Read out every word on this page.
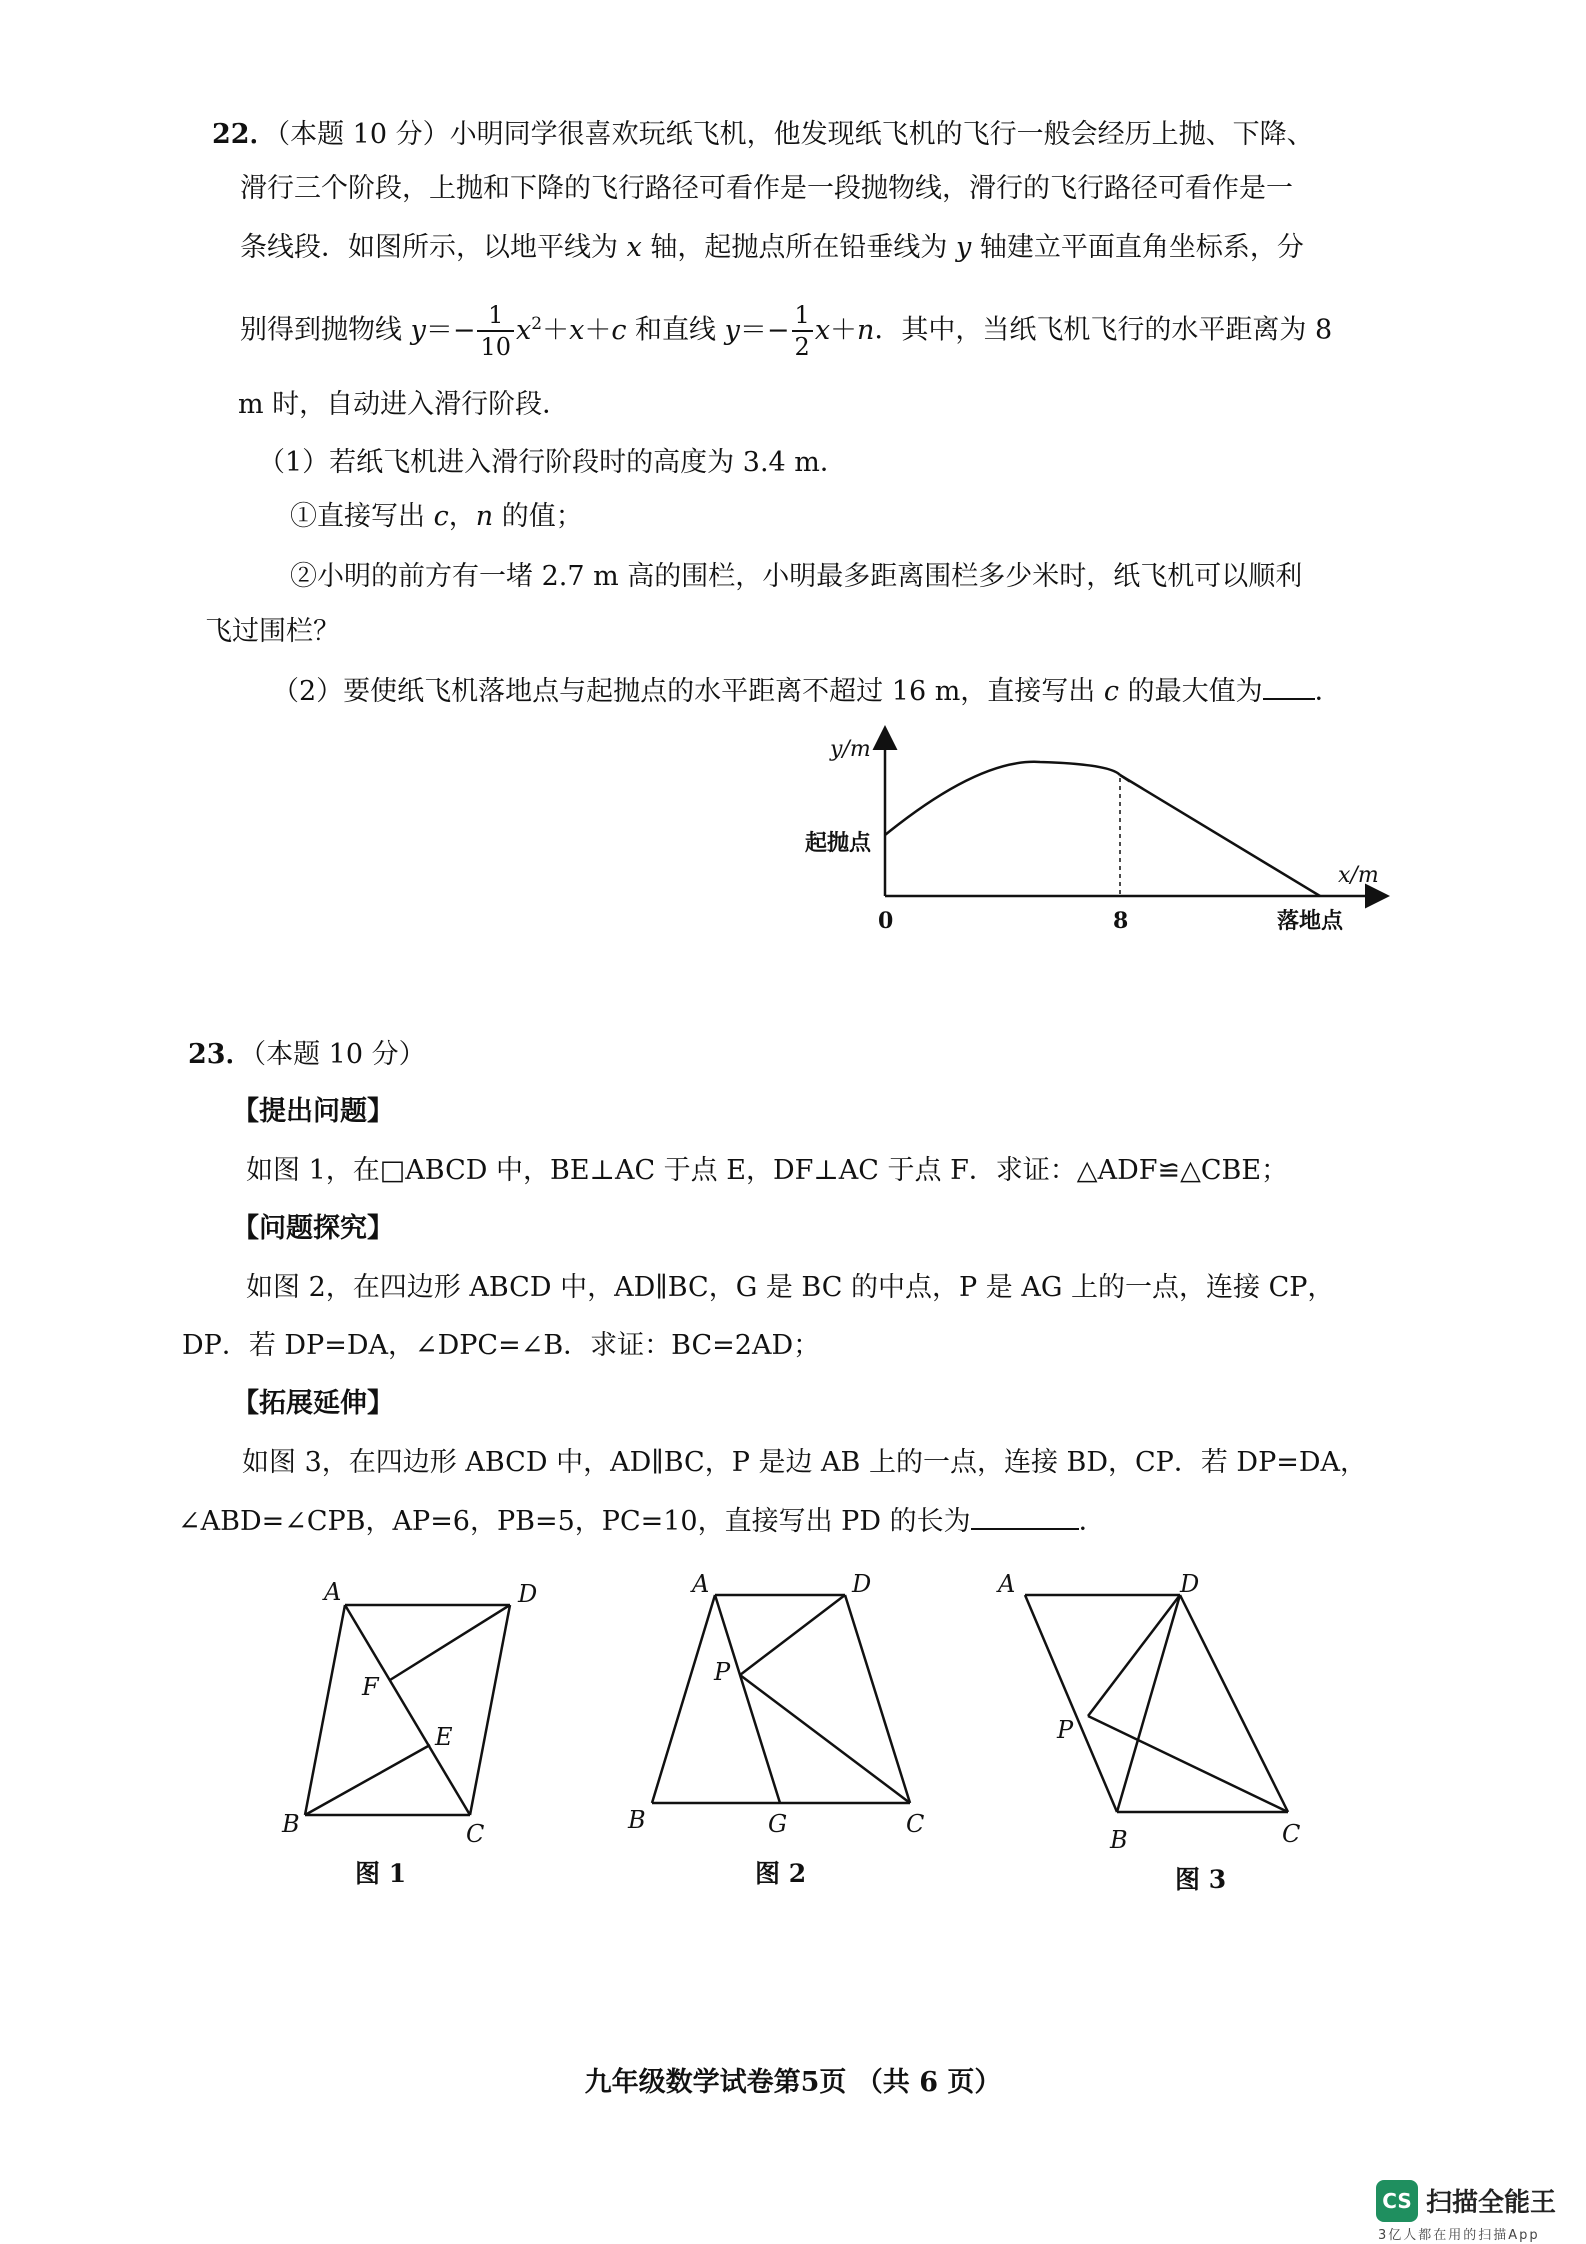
22．（本题 10 分）小明同学很喜欢玩纸飞机，他发现纸飞机的飞行一般会经历上抛、下降、
滑行三个阶段，上抛和下降的飞行路径可看作是一段抛物线，滑行的飞行路径可看作是一
条线段．如图所示，以地平线为 x 轴，起抛点所在铅垂线为 y 轴建立平面直角坐标系，分
别得到抛物线 $y=- \frac{1}{10} x^2+x+c$ 和直线 $y=- \frac{1}{2} x+n$．其中，当纸飞机飞行的水平距离为 8
m 时，自动进入滑行阶段．
（1）若纸飞机进入滑行阶段时的高度为 3.4 m．
①直接写出 c，n 的值；
②小明的前方有一堵 2.7 m 高的围栏，小明最多距离围栏多少米时，纸飞机可以顺利
飞过围栏？
（2）要使纸飞机落地点与起抛点的水平距离不超过 16 m，直接写出 c 的最大值为 ．
y/m
x/m
起抛点
0	8	落地点
23．（本题 10 分）
【提出问题】
如图 1，在□ABCD 中，BE⊥AC 于点 E，DF⊥AC 于点 F．求证：△ADF≌△CBE；
【问题探究】
如图 2，在四边形 ABCD 中，AD∥BC，G 是 BC 的中点，P 是 AG 上的一点，连接 CP，
DP．若 DP=DA，∠DPC=∠B．求证：BC=2AD；
【拓展延伸】
如图 3，在四边形 ABCD 中，AD∥BC，P 是边 AB 上的一点，连接 BD，CP．若 DP=DA，
∠ABD=∠CPB，AP=6，PB=5，PC=10，直接写出 PD 的长为	．
A	D
B	C
F
E
图 1
A	D
P
B	G	C
图 2
A	D
P
B	C
图 3
九年级数学试卷第5页 （共 6 页）
CS 扫描全能王
3亿人都在用的扫描App
